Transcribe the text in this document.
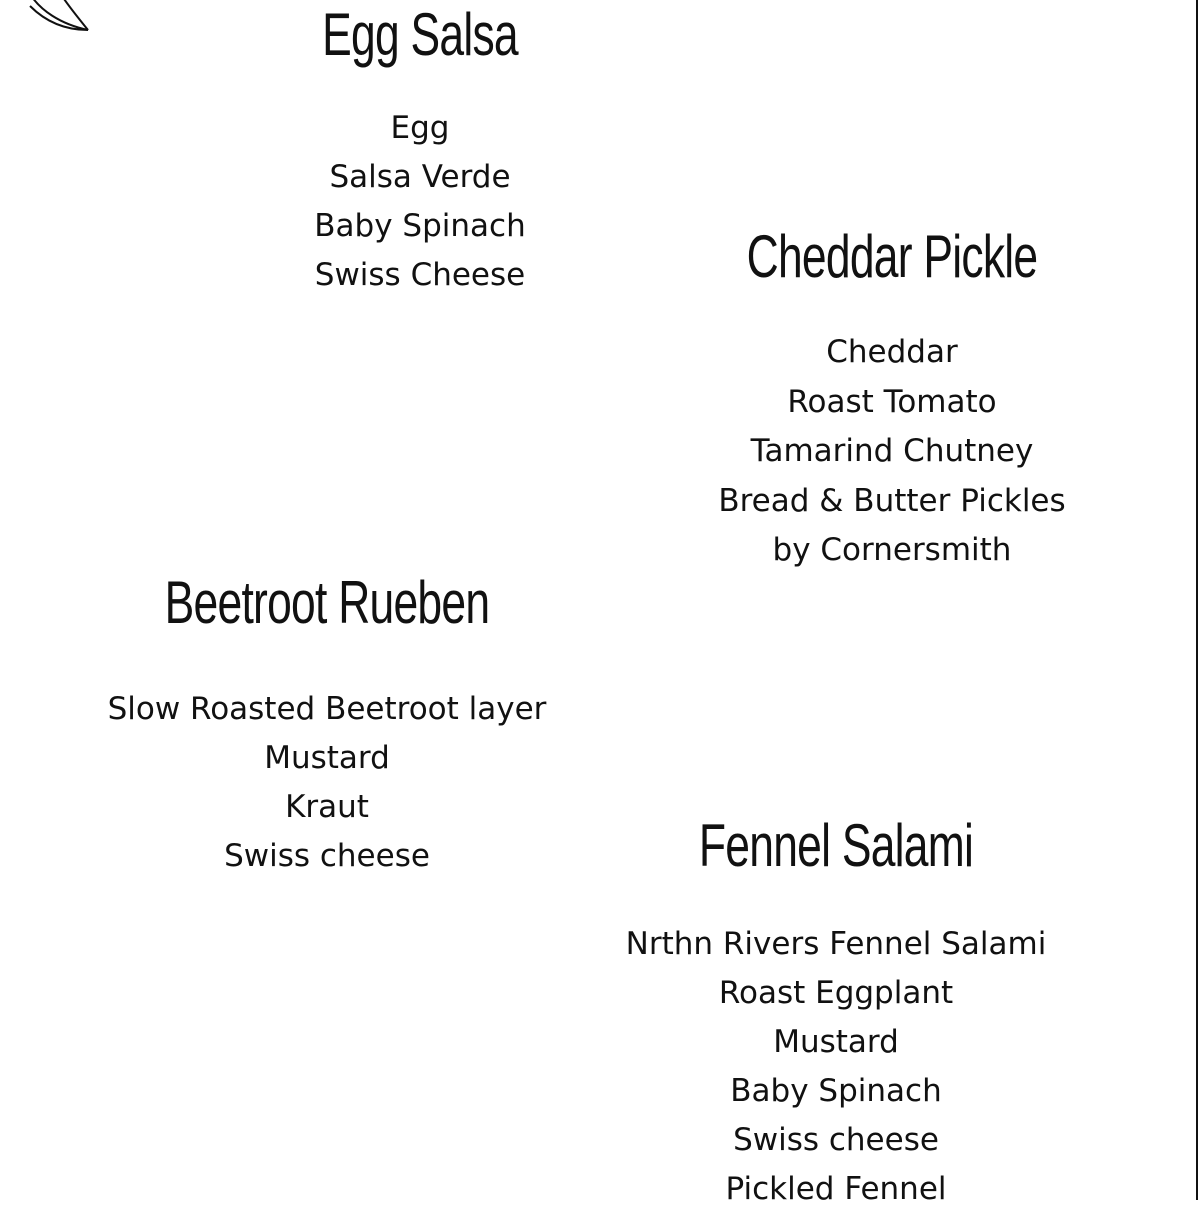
Egg Salsa
Egg
Salsa Verde
Baby Spinach
Swiss Cheese	Cheddar Pickle
Cheddar
Roast Tomato
Tamarind Chutney
Bread & Butter Pickles
by Cornersmith
Beetroot Rueben
Slow Roasted Beetroot layer
Mustard
Kraut
Swiss cheese	Fennel Salami
Nrthn Rivers Fennel Salami
Roast Eggplant
Mustard
Baby Spinach
Swiss cheese
Pickled Fennel
